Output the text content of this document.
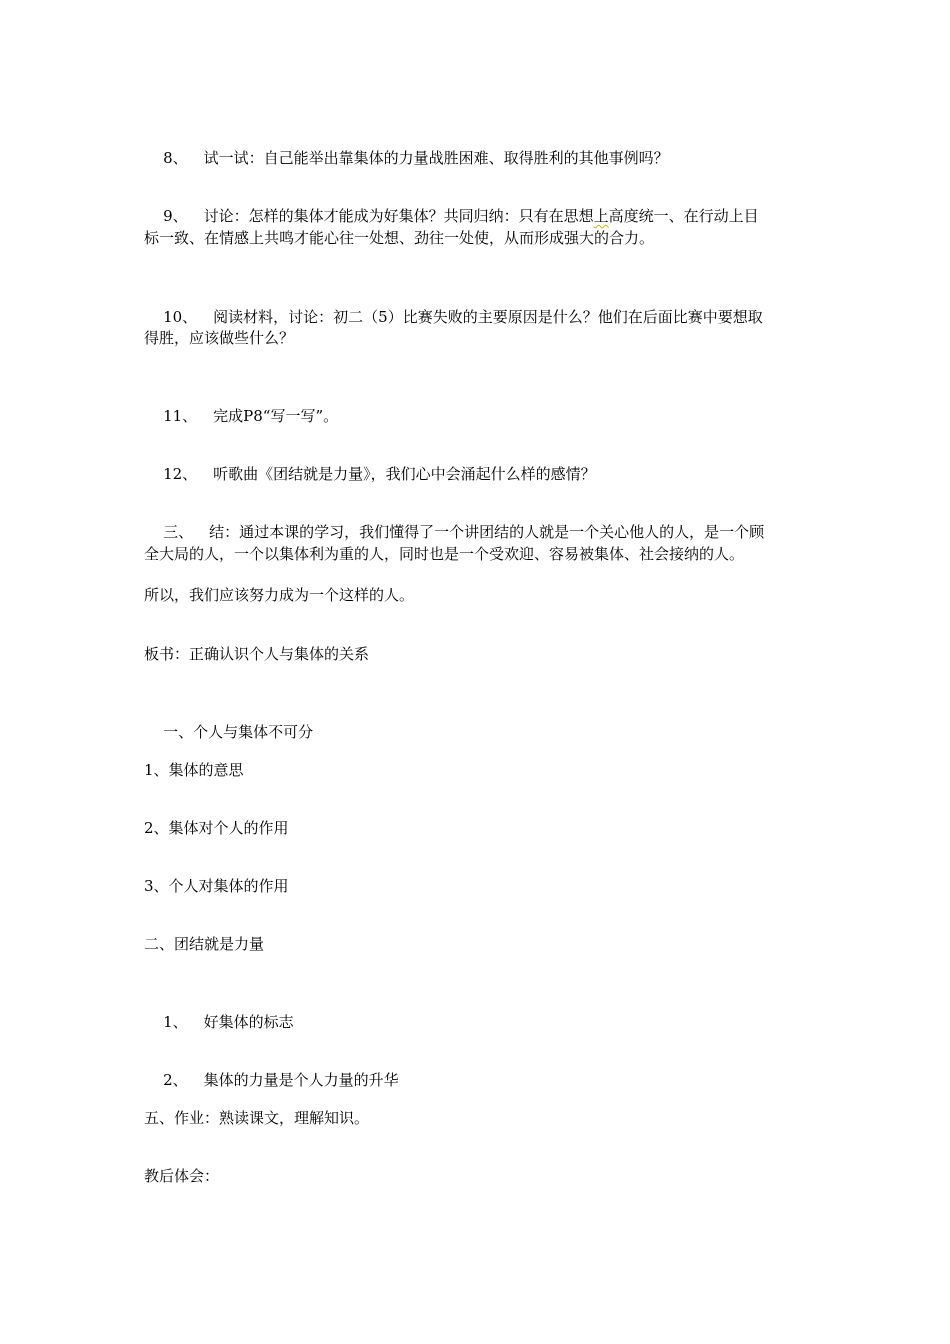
8、 试一试：自己能举出靠集体的力量战胜困难、取得胜利的其他事例吗？

9、 讨论：怎样的集体才能成为好集体？共同归纳：只有在思想上高度统一、在行动上目

标一致、在情感上共鸣才能心往一处想、劲往一处使，从而形成强大的合力。

10、 阅读材料，讨论：初二（5）比赛失败的主要原因是什么？他们在后面比赛中要想取

得胜，应该做些什么？

11、 完成P8“写一写”。

12、 听歌曲《团结就是力量》，我们心中会涌起什么样的感情？

三、 结：通过本课的学习，我们懂得了一个讲团结的人就是一个关心他人的人，是一个顾

全大局的人，一个以集体利为重的人，同时也是一个受欢迎、容易被集体、社会接纳的人。
所以，我们应该努力成为一个这样的人。
板书：正确认识个人与集体的关系

一、个人与集体不可分

1、集体的意思
2、集体对个人的作用
3、个人对集体的作用
二、团结就是力量

1、 好集体的标志

2、 集体的力量是个人力量的升华

五、作业：熟读课文，理解知识。
教后体会：
